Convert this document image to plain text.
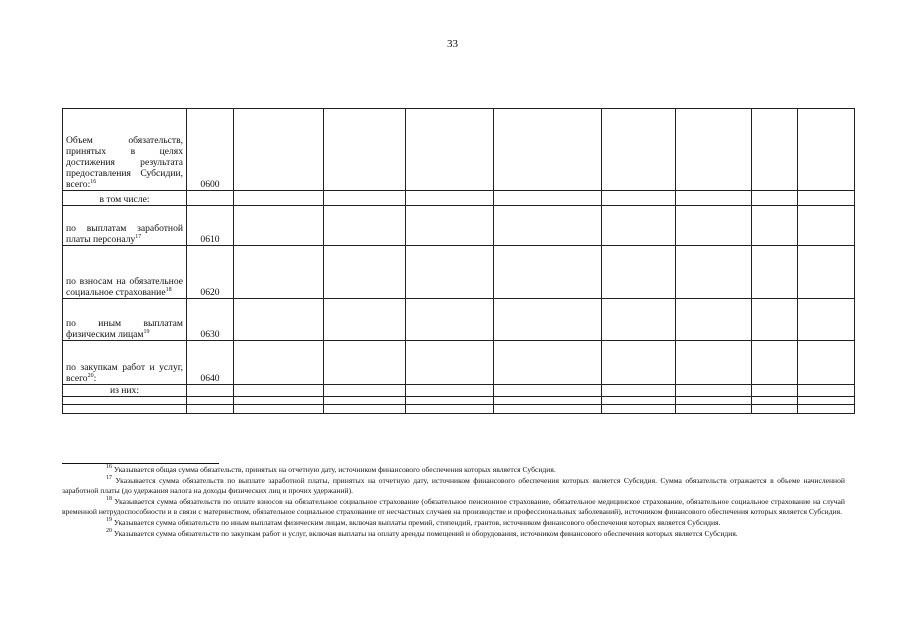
33
Объем обязательств, принятых в целях достижения результата предоставления Субсидии, всего:$^{16}$	0600								
в том числе:									
по выплатам заработной платы персоналу$^{17}$	0610								
по взносам на обязательное социальное страхование$^{18}$	0620								
по иным выплатам физическим лицам$^{19}$	0630								
по закупкам работ и услуг, всего$^{20}$:	0640								
из них:									

$^{16}$ Указывается общая сумма обязательств, принятых на отчетную дату, источником финансового обеспечения которых является Субсидия.

$^{17}$ Указывается сумма обязательств по выплате заработной платы, принятых на отчетную дату, источником финансового обеспечения которых является Субсидия. Сумма обязательств отражается в объеме начисленной заработной платы (до удержания налога на доходы физических лиц и прочих удержаний).

$^{18}$ Указывается сумма обязательств по оплате взносов на обязательное социальное страхование (обязательное пенсионное страхование, обязательное медицинское страхование, обязательное социальное страхование на случай временной нетрудоспособности и в связи с материнством, обязательное социальное страхование от несчастных случаев на производстве и профессиональных заболеваний), источником финансового обеспечения которых является Субсидия.

$^{19}$ Указывается сумма обязательств по иным выплатам физическим лицам, включая выплаты премий, стипендий, грантов, источником финансового обеспечения которых является Субсидия.

$^{20}$ Указывается сумма обязательств по закупкам работ и услуг, включая выплаты на оплату аренды помещений и оборудования, источником финансового обеспечения которых является Субсидия.
